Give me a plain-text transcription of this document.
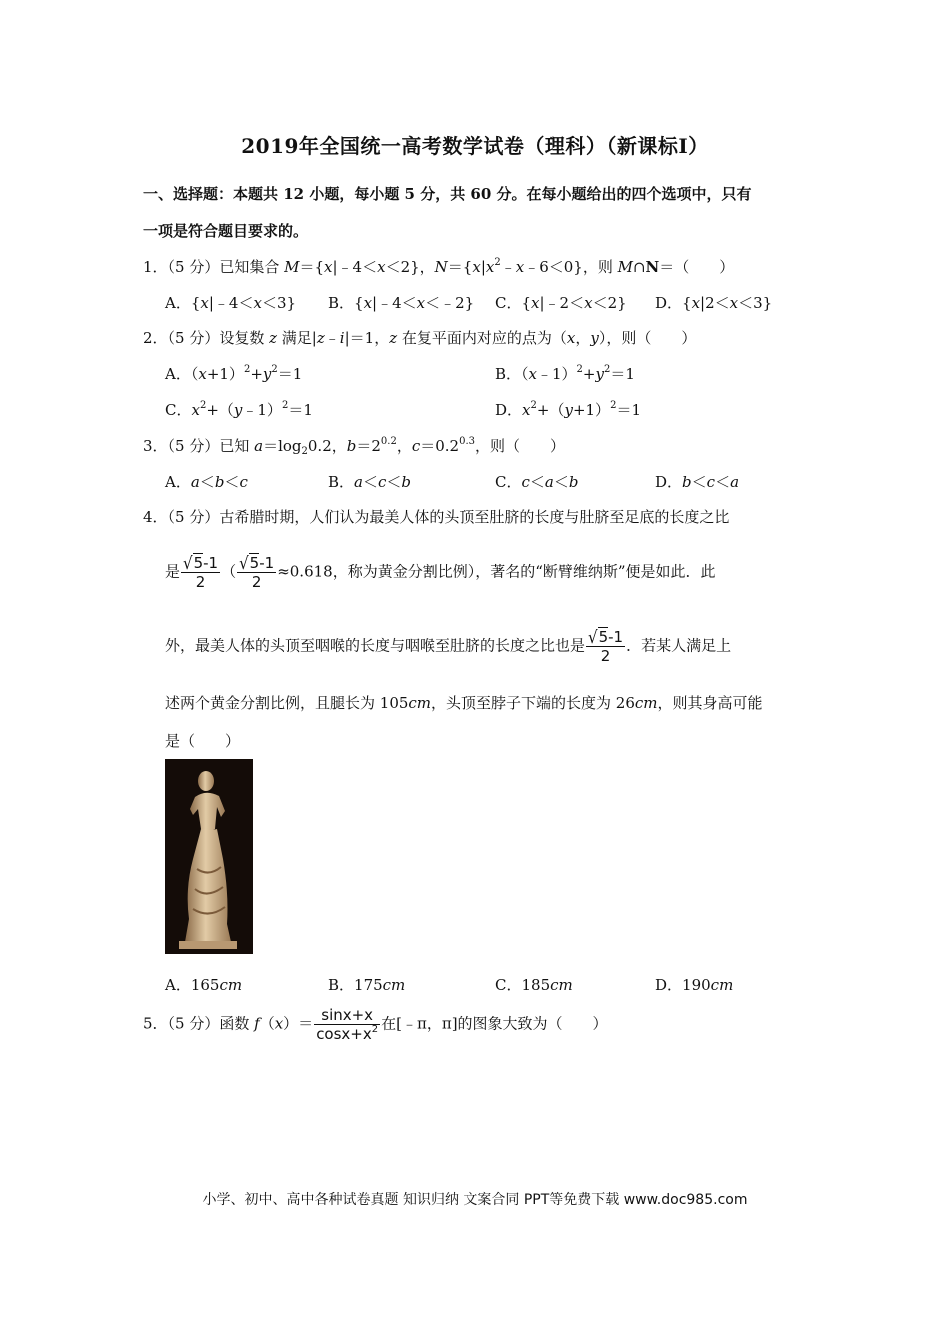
2019年全国统一高考数学试卷（理科）（新课标Ⅰ）
一、选择题：本题共 12 小题，每小题 5 分，共 60 分。在每小题给出的四个选项中，只有
一项是符合题目要求的。
1．（5 分）已知集合 M＝{x|﹣4＜x＜2}，$N=\{x|x^2﹣x﹣6<0\}$，则 M∩N＝（　　）
A．{x|﹣4＜x＜3} B．{x|﹣4＜x＜﹣2} C．{x|﹣2＜x＜2} D．{x|2＜x＜3}
2．（5 分）设复数 z 满足|z﹣i|＝1，z 在复平面内对应的点为（x，y），则（　　）
A．$(x+1)^2+y^2=1$	B．$(x﹣1)^2+y^2=1$
C．$x^2+(y﹣1)^2=1$	D．$x^2+(y+1)^2=1$
3．（5 分）已知 $a=\log_20.2$，$b=2^{0.2}$，$c=0.2^{0.3}$，则（　　）
A．a＜b＜c	B．a＜c＜b	C．c＜a＜b	D．b＜c＜a
4．（5 分）古希腊时期，人们认为最美人体的头顶至肚脐的长度与肚脐至足底的长度之比
是 $\frac{√5-1}{2}$ （ $\frac{√5-1}{2} \approx 0.618$，称为黄金分割比例），著名的“断臂维纳斯”便是如此．此
外，最美人体的头顶至咽喉的长度与咽喉至肚脐的长度之比也是 $\frac{√5-1}{2}$ ．若某人满足上
述两个黄金分割比例，且腿长为 105cm，头顶至脖子下端的长度为 26cm，则其身高可能
是（　　）
A．165cm	B．175cm	C．185cm	D．190cm
5．（5 分）函数 $f(x)= \frac{\sin x+x}{\cos x+x^2}$ 在[﹣π，π]的图象大致为（　　）
小学、初中、高中各种试卷真题 知识归纳 文案合同 PPT等免费下载 www.doc985.com
